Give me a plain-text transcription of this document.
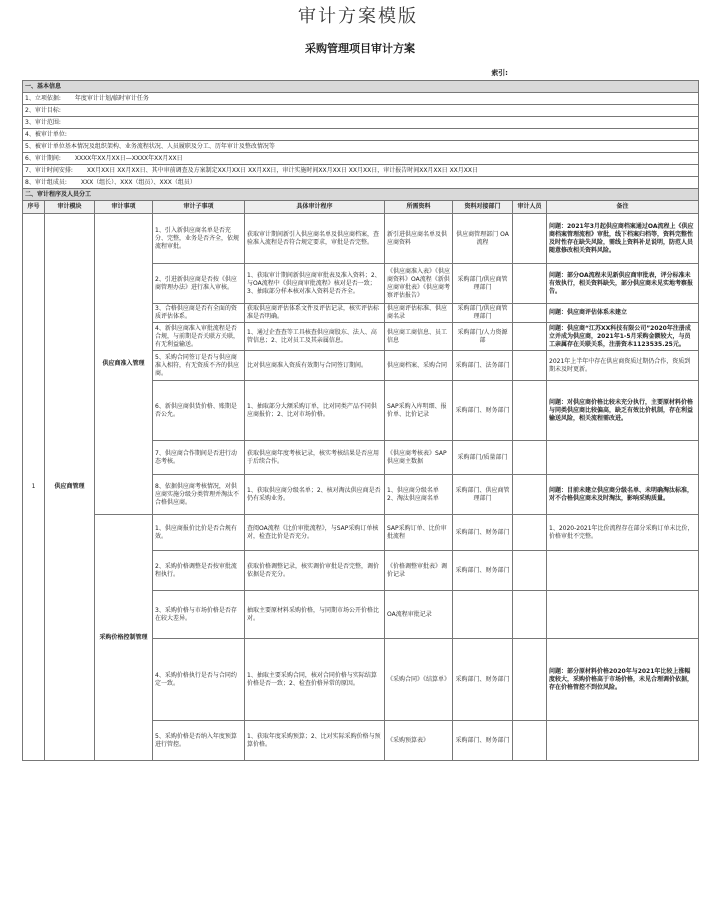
审计方案模版
采购管理项目审计方案
索引:
一、基本信息
1、立项依据: 年度审计计划/临时审计任务
2、审计目标:
3、审计范围:
4、被审计单位:
5、被审计单位基本情况及组织架构、业务流程状况、人员履职及分工、历年审计及整改情况等
6、审计期间: XXXX年XX月XX日—XXXX年XX月XX日
7、审计时间安排: XX月XX日 XX月XX日、其中审前调查及方案制定XX月XX日 XX月XX日，审计实施时间XX月XX日 XX月XX日，审计报告时间XX月XX日 XX月XX日
8、审计组成员: XXX（组长）、XXX（组员）、XXX（组员）
二、审计程序及人员分工
序号	审计模块	审计事项	审计子事项	具体审计程序	所需资料	资料对接部门	审计人员	备注
1	供应商管理	供应商准入管理	1、引入新供应商名单是否充分、完整，业务是否齐全，依规流程审批。	获取审计期间新引入供应商名单及供应商档案，查验准入流程是否符合规定要求，审批是否完整。	新引进供应商名单及供应商资料	供应商管理部门 OA流程		问题：2021年3月起供应商档案通过OA流程上《供应商档案管理流程》审批，线下档案归档等，资料完整性及时性存在缺失风险，需线上资料补足说明，防范人员随意修改相关资料风险。
			2、引进新供应商是否按《供应商管理办法》进行准入审核。	1、获取审计期间新供应商审批表及准入资料；2、与OA流程中《供应商审批流程》核对是否一致；3、抽取部分样本核对准入资料是否齐全。	《供应商准入表》《供应商资料》OA流程《新供应商审批表》《供应商考察评估报告》	采购部门/供应商管理部门		问题：部分OA流程未见新供应商审批表，评分标准未有效执行，相关资料缺失，部分供应商未见实地考察报告。
			3、合格供应商是否有全面的资质评估体系。	获取供应商评估体系文件及评估记录，核实评估标准是否明确。	供应商评估标准、供应商名录	采购部门/供应商管理部门		问题：供应商评估体系未建立
			4、新供应商准入审批流程是否合规，与前期是否关联方关联，有无利益输送。	1、通过企查查等工具核查供应商股东、法人、高管信息；2、比对员工及其亲属信息。	供应商工商信息、员工信息	采购部门/人力资源部		问题：供应商“江苏XX科技有限公司”2020年注册成立并成为供应商，2021年1-5月采购金额较大，与员工亲属存在关联关系，注册资本1123535.25元。
			5、采购合同签订是否与供应商准入相符，有无资质不齐的供应商。	比对供应商准入资质有效期与合同签订期间。	供应商档案、采购合同	采购部门、法务部门		2021年上半年中存在供应商资质过期仍合作，资质到期未及时更新。
			6、新供应商供货价格、账期是否公允。	1、抽取部分大额采购订单，比对同类产品不同供应商报价；2、比对市场价格。	SAP采购入库明细、报价单、比价记录	采购部门、财务部门		问题：对供应商价格比较未充分执行，主要原材料价格与同类供应商比较偏高，缺乏有效比价机制，存在利益输送风险，相关流程需改进。
			7、供应商合作期间是否进行动态考核。	获取供应商年度考核记录，核实考核结果是否应用于后续合作。	《供应商考核表》SAP供应商主数据	采购部门/质量部门		
			8、依据供应商考核情况，对供应商实施分级分类管理并淘汰不合格供应商。	1、获取供应商分级名单；2、核对淘汰供应商是否仍有采购业务。	1、供应商分级名单 2、淘汰供应商名单	采购部门、供应商管理部门		问题：目前未建立供应商分级名单、未明确淘汰标准，对不合格供应商未及时淘汰，影响采购质量。
		采购价格控制管理	1、供应商报价比价是否合规有效。	查阅OA流程《比价审批流程》，与SAP采购订单核对，检查比价是否充分。	SAP采购订单、比价审批流程	采购部门、财务部门		1、2020-2021年比价流程存在部分采购订单未比价，价格审批不完整。
			2、采购价格调整是否按审批流程执行。	获取价格调整记录，核实调价审批是否完整，调价依据是否充分。	《价格调整审批表》调价记录	采购部门、财务部门		
			3、采购价格与市场价格是否存在较大差异。	抽取主要原材料采购价格，与同期市场公开价格比对。	OA流程审批记录			
			4、采购价格执行是否与合同约定一致。	1、抽取主要采购合同，核对合同价格与实际结算价格是否一致；2、检查价格异常的原因。	《采购合同》《结算单》	采购部门、财务部门		问题：部分原材料价格2020年与2021年比较上涨幅度较大，采购价格高于市场价格，未见合理调价依据，存在价格管控不到位风险。
			5、采购价格是否纳入年度预算进行管控。	1、获取年度采购预算；2、比对实际采购价格与预算价格。	《采购预算表》	采购部门、财务部门		
